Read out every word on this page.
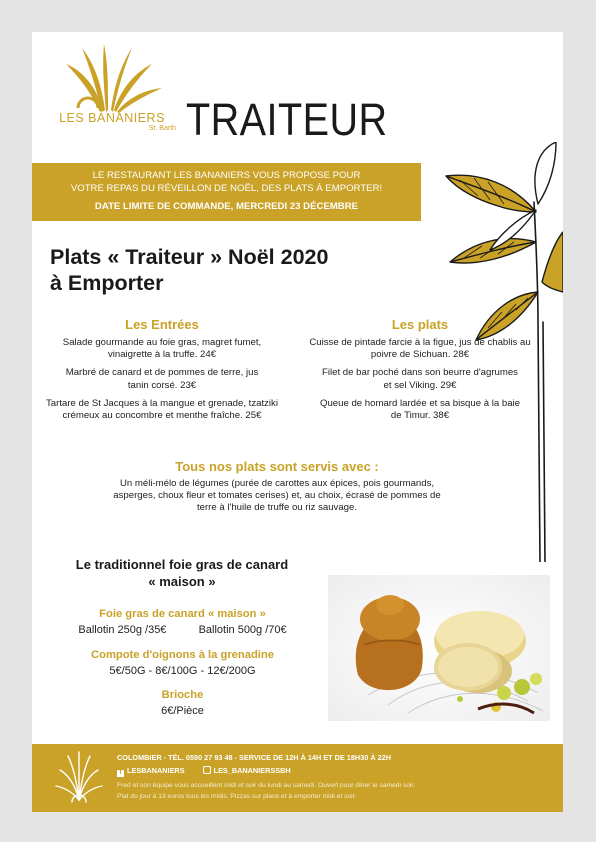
LES BANANIERS
St. Barth TRAITEUR
LE RESTAURANT LES BANANIERS VOUS PROPOSE POUR
VOTRE REPAS DU RÉVEILLON DE NOËL, DES PLATS À EMPORTER!
DATE LIMITE DE COMMANDE, MERCREDI 23 DÉCEMBRE
Plats « Traiteur » Noël 2020
à Emporter
Les Entrées
Salade gourmande au foie gras, magret fumet, vinaigrette à la truffe. 24€
Marbré de canard et de pommes de terre, jus tanin corsé. 23€
Tartare de St Jacques à la mangue et grenade, tzatziki crémeux au concombre et menthe fraîche. 25€
Les plats
Cuisse de pintade farcie à la figue, jus de chablis au poivre de Sichuan. 28€
Filet de bar poché dans son beurre d'agrumes et sel Viking. 29€
Queue de homard lardée et sa bisque à la baie de Timur. 38€
Tous nos plats sont servis avec :
Un méli-mélo de légumes (purée de carottes aux épices, pois gourmands, asperges, choux fleur et tomates cerises) et, au choix, écrasé de pommes de terre à l'huile de truffe ou riz sauvage.
Le traditionnel foie gras de canard
« maison »
Foie gras de canard « maison »
Ballotin 250g /35€	Ballotin 500g /70€
Compote d'oignons à la grenadine
5€/50G - 8€/100G - 12€/200G
Brioche
6€/Pièce
COLOMBIER - TÉL. 0590 27 93 48 - SERVICE DE 12H À 14H ET DE 18H30 À 22H
f LESBANANIERS	LES_BANANIERSSBH
Fred et son équipe vous accueillent midi et soir du lundi au samedi. Ouvert pour dîner le samedi soir.
Plat du jour à 13 euros tous les midis. Pizzas sur place et à emporter midi et soir.
